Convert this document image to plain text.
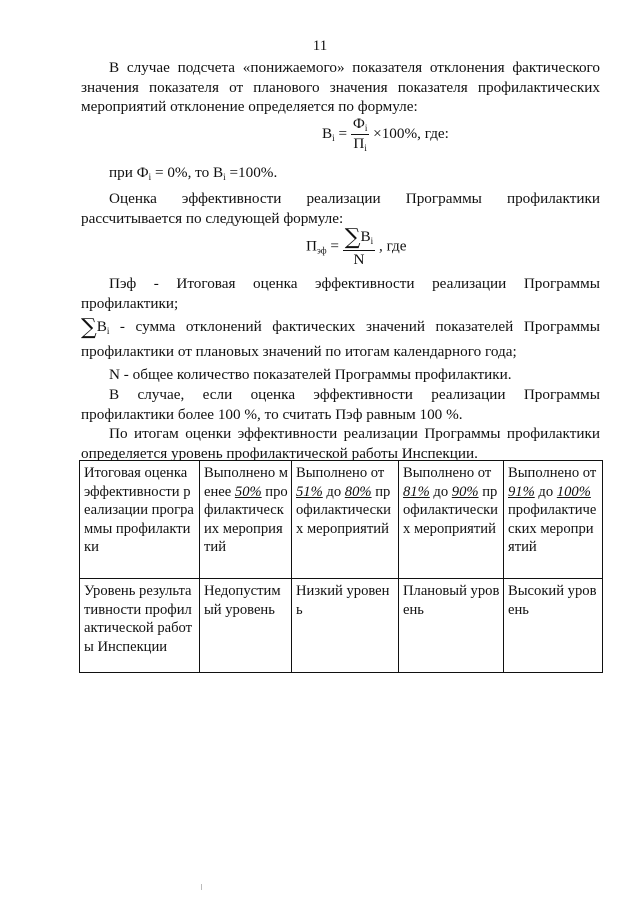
11

В случае подсчета «понижаемого» показателя отклонения фактического значения показателя от планового значения показателя профилактических мероприятий отклонение определяется по формуле:

$B_i = \frac{Ф_i}{П_i} \times 100\%$, где:
при $Ф_i = 0\%$, то $B_i =100\%$.

Оценка эффективности реализации Программы профилактики рассчитывается по следующей формуле:

$П_{эф} = \frac{\sum B_i}{N}$ , где

Пэф - Итоговая оценка эффективности реализации Программы профилактики;

$\sum B_i$ - сумма отклонений фактических значений показателей Программы профилактики от плановых значений по итогам календарного года;

N - общее количество показателей Программы профилактики.

В случае, если оценка эффективности реализации Программы профилактики более 100 %, то считать Пэф равным 100 %.

По итогам оценки эффективности реализации Программы профилактики определяется уровень профилактической работы Инспекции.

Итоговая оценка эффективности реализации программы профилактики	Выполнено менее 50% профилактических мероприятий	Выполнено от 51% до 80% профилактических мероприятий	Выполнено от 81% до 90% профилактических мероприятий	Выполнено от 91% до 100% профилактических мероприятий
Уровень результативности профилактической работы Инспекции	Недопустимый уровень	Низкий уровень	Плановый уровень	Высокий уровень
